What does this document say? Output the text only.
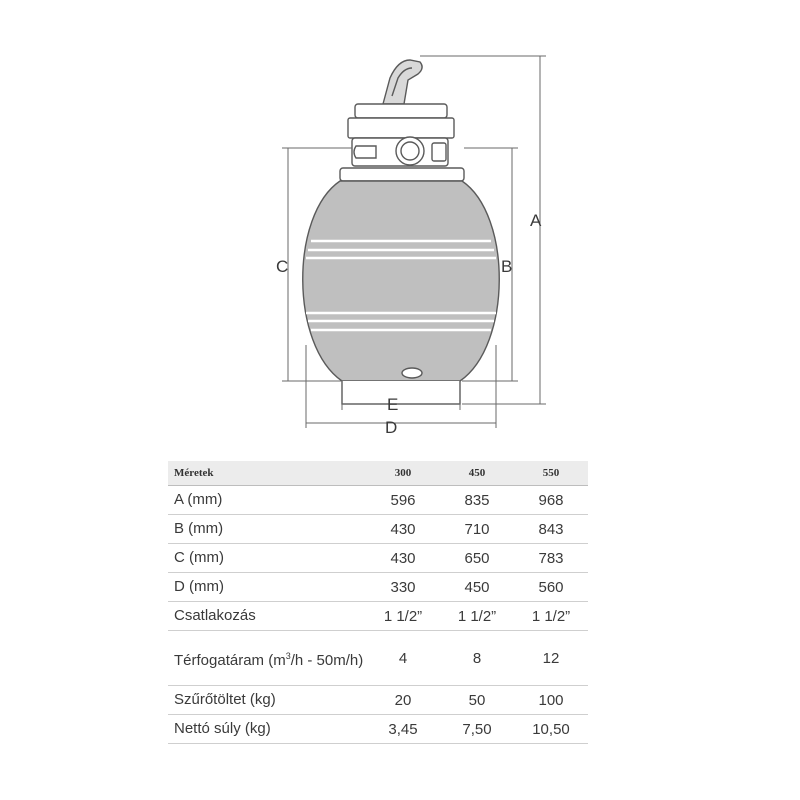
A
B
C
E
D
Méretek	300	450	550
A (mm)	596	835	968
B (mm)	430	710	843
C (mm)	430	650	783
D (mm)	330	450	560
Csatlakozás	1 1/2”	1 1/2”	1 1/2”
Térfogatáram $(m^3/h - 50m/h)$	4	8	12
Szűrőtöltet (kg)	20	50	100
Nettó súly (kg)	3,45	7,50	10,50
